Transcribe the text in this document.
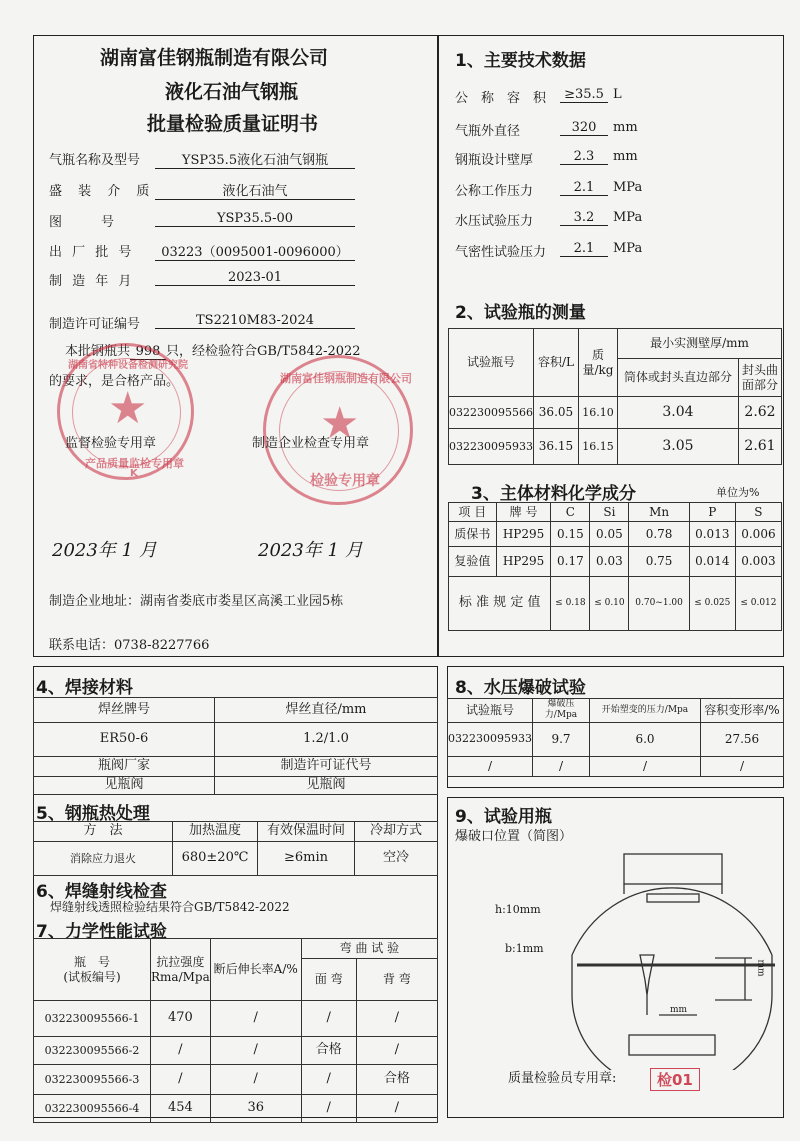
湖南富佳钢瓶制造有限公司
液化石油气钢瓶
批量检验质量证明书
气瓶名称及型号	YSP35.5液化石油气钢瓶
盛 装 介 质	液化石油气
图　　　号	YSP35.5-00
出 厂 批 号	03223（0095001-0096000）
制 造 年 月	2023-01
制造许可证编号	TS2210M83-2024
本批钢瓶共 998 只，经检验符合GB/T5842-2022
的要求，是合格产品。
★
湖南省特种设备检测研究院
产品质量监检专用章
K
★
湖南富佳钢瓶制造有限公司
检验专用章
监督检验专用章	制造企业检查专用章
2023年 1 月	2023年 1 月
制造企业地址：湖南省娄底市娄星区高溪工业园5栋
联系电话：0738-8227766
1、主要技术数据
公　称　容　积	≥35.5 L
气瓶外直径	320	mm
钢瓶设计壁厚	2.3	mm
公称工作压力	2.1	MPa
水压试验压力	3.2	MPa
气密性试验压力	2.1	MPa
2、试验瓶的测量
试验瓶号	容积/L	质量/kg	最小实测壁厚/mm	
			筒体或封头直边部分	封头曲面部分
032230095566	36.05	16.10	3.04	2.62
032230095933	36.15	16.15	3.05	2.61
3、主体材料化学成分	单位为%
项 目	牌 号	C	Si	Mn	P	S
质保书	HP295	0.15	0.05	0.78	0.013	0.006
复验值	HP295	0.17	0.03	0.75	0.014	0.003
标 准 规 定 值		≤ 0.18	≤ 0.10	0.70~1.00	≤ 0.025	≤ 0.012
4、焊接材料
焊丝牌号	焊丝直径/mm
ER50-6	1.2/1.0
瓶阀厂家	制造许可证代号
见瓶阀	见瓶阀
5、钢瓶热处理
方　法	加热温度	有效保温时间	冷却方式
消除应力退火	680±20℃	≥6min	空冷
6、焊缝射线检查
焊缝射线透照检验结果符合GB/T5842-2022
7、力学性能试验
瓶　号
(试板编号)	抗拉强度Rma/Mpa	断后伸长率A/%	弯 曲 试 验	
			面 弯	背 弯
032230095566-1	470	/	/	/
032230095566-2	/	/	合格	/
032230095566-3	/	/	/	合格
032230095566-4	454	36	/	/
8、水压爆破试验
试验瓶号	爆破压力/Mpa	开始塑变的压力/Mpa	容积变形率/%
032230095933	9.7	6.0	27.56
/	/	/	/
9、试验用瓶
爆破口位置（简图）
h:10mm
b:1mm
mm
mm
质量检验员专用章:	检01
